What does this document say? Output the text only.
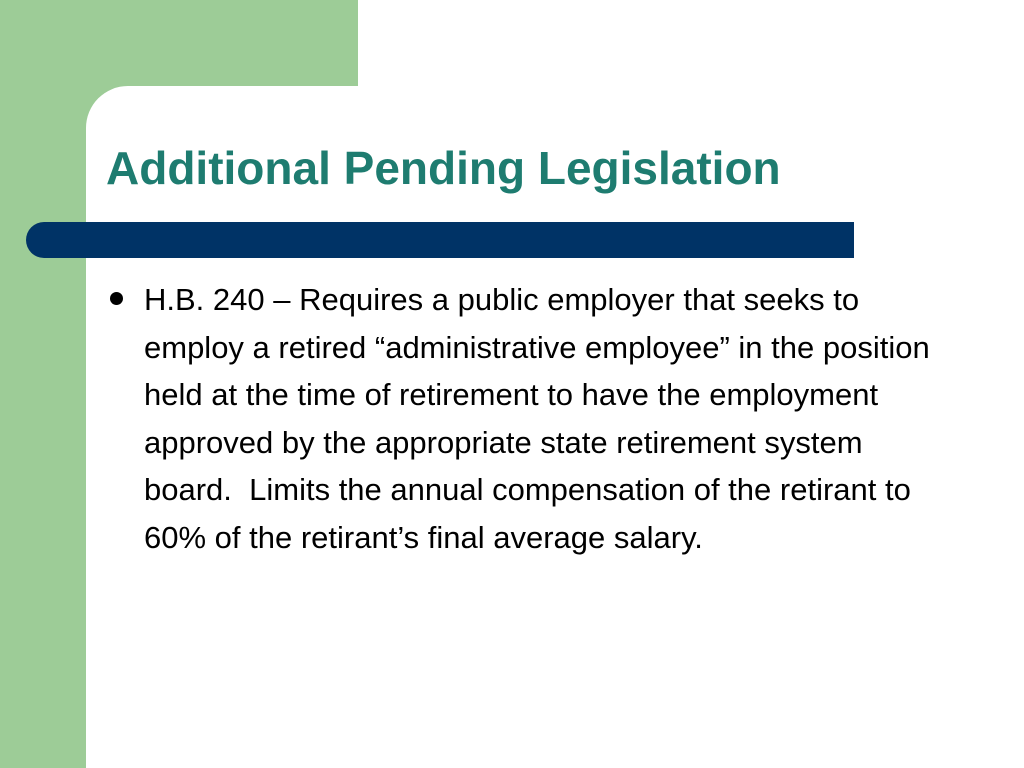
Additional Pending Legislation
H.B. 240 – Requires a public employer that seeks to employ a retired “administrative employee” in the position held at the time of retirement to have the employment approved by the appropriate state retirement system board.  Limits the annual compensation of the retirant to 60% of the retirant’s final average salary.
